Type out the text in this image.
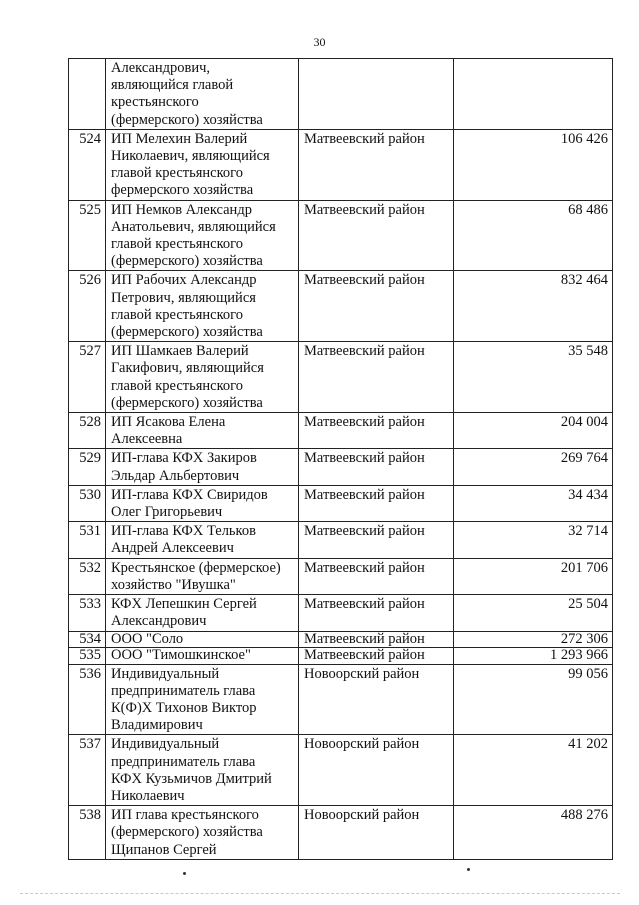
30
	Александрович,
являющийся главой
крестьянского
(фермерского) хозяйства		
524	ИП Мелехин Валерий
Николаевич, являющийся
главой крестьянского
фермерского хозяйства	Матвеевский район	106 426
525	ИП Немков Александр
Анатольевич, являющийся
главой крестьянского
(фермерского) хозяйства	Матвеевский район	68 486
526	ИП Рабочих Александр
Петрович, являющийся
главой крестьянского
(фермерского) хозяйства	Матвеевский район	832 464
527	ИП Шамкаев Валерий
Гакифович, являющийся
главой крестьянского
(фермерского) хозяйства	Матвеевский район	35 548
528	ИП Ясакова Елена
Алексеевна	Матвеевский район	204 004
529	ИП-глава КФХ Закиров
Эльдар Альбертович	Матвеевский район	269 764
530	ИП-глава КФХ Свиридов
Олег Григорьевич	Матвеевский район	34 434
531	ИП-глава КФХ Тельков
Андрей Алексеевич	Матвеевский район	32 714
532	Крестьянское (фермерское)
хозяйство "Ивушка"	Матвеевский район	201 706
533	КФХ Лепешкин Сергей
Александрович	Матвеевский район	25 504
534	ООО "Соло	Матвеевский район	272 306
535	ООО "Тимошкинское"	Матвеевский район	1 293 966
536	Индивидуальный
предприниматель глава
К(Ф)Х Тихонов Виктор
Владимирович	Новоорский район	99 056
537	Индивидуальный
предприниматель глава
КФХ Кузьмичов Дмитрий
Николаевич	Новоорский район	41 202
538	ИП глава крестьянского
(фермерского) хозяйства
Щипанов Сергей	Новоорский район	488 276
